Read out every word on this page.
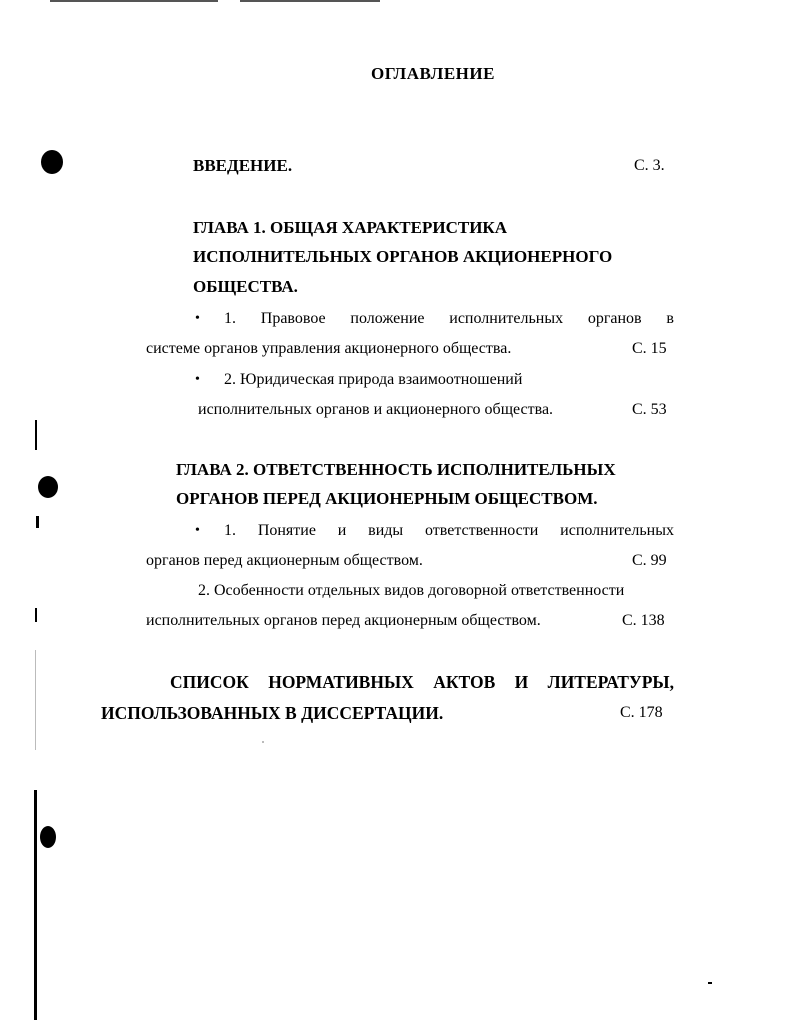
ОГЛАВЛЕНИЕ
ВВЕДЕНИЕ.	С. 3.
ГЛАВА 1. ОБЩАЯ ХАРАКТЕРИСТИКА
ИСПОЛНИТЕЛЬНЫХ ОРГАНОВ АКЦИОНЕРНОГО
ОБЩЕСТВА.
• 1. Правовое положение исполнительных органов в
системе органов управления акционерного общества.	С. 15
• 2. Юридическая природа взаимоотношений
исполнительных органов и акционерного общества.	С. 53
ГЛАВА 2. ОТВЕТСТВЕННОСТЬ ИСПОЛНИТЕЛЬНЫХ
ОРГАНОВ ПЕРЕД АКЦИОНЕРНЫМ ОБЩЕСТВОМ.
• 1. Понятие и виды ответственности исполнительных
органов перед акционерным обществом.	С. 99
2. Особенности отдельных видов договорной ответственности
исполнительных органов перед акционерным обществом.	С. 138
СПИСОК НОРМАТИВНЫХ АКТОВ И ЛИТЕРАТУРЫ,
ИСПОЛЬЗОВАННЫХ В ДИССЕРТАЦИИ.	С. 178
